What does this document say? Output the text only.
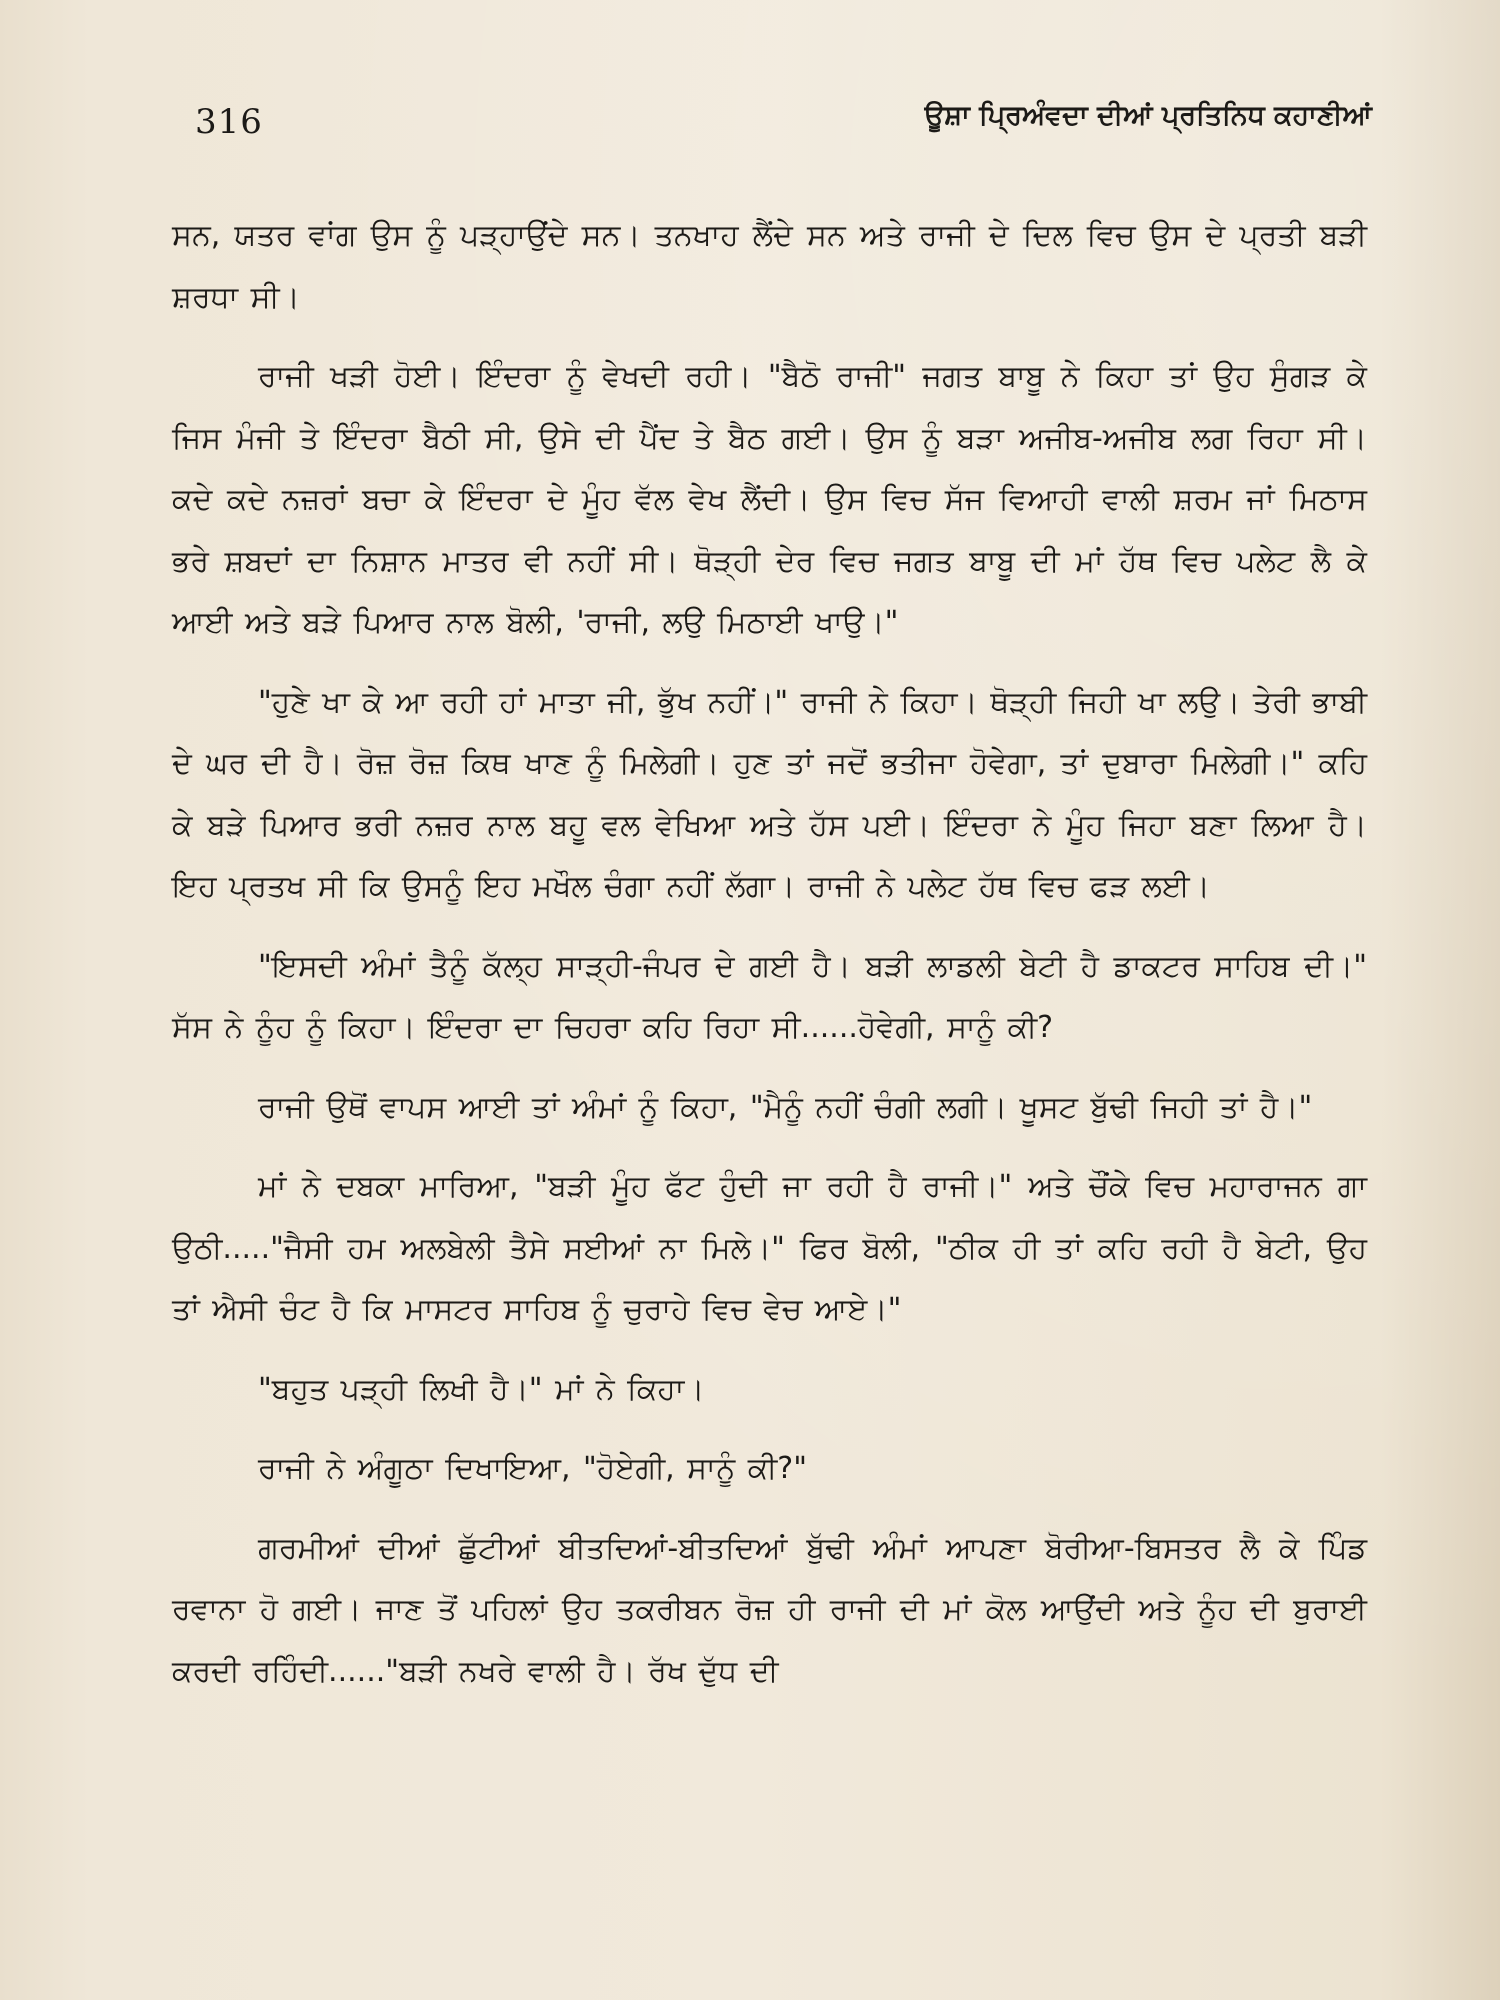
316	ਊਸ਼ਾ ਪ੍ਰਿਅੰਵਦਾ ਦੀਆਂ ਪ੍ਰਤਿਨਿਧ ਕਹਾਣੀਆਂ

ਸਨ, ਯਤਰ ਵਾਂਗ ਉਸ ਨੂੰ ਪੜ੍ਹਾਉਂਦੇ ਸਨ। ਤਨਖਾਹ ਲੈਂਦੇ ਸਨ ਅਤੇ ਰਾਜੀ ਦੇ ਦਿਲ ਵਿਚ ਉਸ ਦੇ ਪ੍ਰਤੀ ਬੜੀ ਸ਼ਰਧਾ ਸੀ।

ਰਾਜੀ ਖੜੀ ਹੋਈ। ਇੰਦਰਾ ਨੂੰ ਵੇਖਦੀ ਰਹੀ। "ਬੈਠੋ ਰਾਜੀ" ਜਗਤ ਬਾਬੂ ਨੇ ਕਿਹਾ ਤਾਂ ਉਹ ਸੁੰਗੜ ਕੇ ਜਿਸ ਮੰਜੀ ਤੇ ਇੰਦਰਾ ਬੈਠੀ ਸੀ, ਉਸੇ ਦੀ ਪੈਂਦ ਤੇ ਬੈਠ ਗਈ। ਉਸ ਨੂੰ ਬੜਾ ਅਜੀਬ-ਅਜੀਬ ਲਗ ਰਿਹਾ ਸੀ। ਕਦੇ ਕਦੇ ਨਜ਼ਰਾਂ ਬਚਾ ਕੇ ਇੰਦਰਾ ਦੇ ਮੂੰਹ ਵੱਲ ਵੇਖ ਲੈਂਦੀ। ਉਸ ਵਿਚ ਸੱਜ ਵਿਆਹੀ ਵਾਲੀ ਸ਼ਰਮ ਜਾਂ ਮਿਠਾਸ ਭਰੇ ਸ਼ਬਦਾਂ ਦਾ ਨਿਸ਼ਾਨ ਮਾਤਰ ਵੀ ਨਹੀਂ ਸੀ। ਥੋੜ੍ਹੀ ਦੇਰ ਵਿਚ ਜਗਤ ਬਾਬੂ ਦੀ ਮਾਂ ਹੱਥ ਵਿਚ ਪਲੇਟ ਲੈ ਕੇ ਆਈ ਅਤੇ ਬੜੇ ਪਿਆਰ ਨਾਲ ਬੋਲੀ, 'ਰਾਜੀ, ਲਉ ਮਿਠਾਈ ਖਾਉ।"

"ਹੁਣੇ ਖਾ ਕੇ ਆ ਰਹੀ ਹਾਂ ਮਾਤਾ ਜੀ, ਭੁੱਖ ਨਹੀਂ।" ਰਾਜੀ ਨੇ ਕਿਹਾ। ਥੋੜ੍ਹੀ ਜਿਹੀ ਖਾ ਲਉ। ਤੇਰੀ ਭਾਬੀ ਦੇ ਘਰ ਦੀ ਹੈ। ਰੋਜ਼ ਰੋਜ਼ ਕਿਥ ਖਾਣ ਨੂੰ ਮਿਲੇਗੀ। ਹੁਣ ਤਾਂ ਜਦੋਂ ਭਤੀਜਾ ਹੋਵੇਗਾ, ਤਾਂ ਦੁਬਾਰਾ ਮਿਲੇਗੀ।" ਕਹਿ ਕੇ ਬੜੇ ਪਿਆਰ ਭਰੀ ਨਜ਼ਰ ਨਾਲ ਬਹੂ ਵਲ ਵੇਖਿਆ ਅਤੇ ਹੱਸ ਪਈ। ਇੰਦਰਾ ਨੇ ਮੂੰਹ ਜਿਹਾ ਬਣਾ ਲਿਆ ਹੈ। ਇਹ ਪ੍ਰਤਖ ਸੀ ਕਿ ਉਸਨੂੰ ਇਹ ਮਖੌਲ ਚੰਗਾ ਨਹੀਂ ਲੱਗਾ। ਰਾਜੀ ਨੇ ਪਲੇਟ ਹੱਥ ਵਿਚ ਫੜ ਲਈ।

"ਇਸਦੀ ਅੰਮਾਂ ਤੈਨੂੰ ਕੱਲ੍ਹ ਸਾੜ੍ਹੀ-ਜੰਪਰ ਦੇ ਗਈ ਹੈ। ਬੜੀ ਲਾਡਲੀ ਬੇਟੀ ਹੈ ਡਾਕਟਰ ਸਾਹਿਬ ਦੀ।" ਸੱਸ ਨੇ ਨੂੰਹ ਨੂੰ ਕਿਹਾ। ਇੰਦਰਾ ਦਾ ਚਿਹਰਾ ਕਹਿ ਰਿਹਾ ਸੀ......ਹੋਵੇਗੀ, ਸਾਨੂੰ ਕੀ?

ਰਾਜੀ ਉਥੋਂ ਵਾਪਸ ਆਈ ਤਾਂ ਅੰਮਾਂ ਨੂੰ ਕਿਹਾ, "ਮੈਨੂੰ ਨਹੀਂ ਚੰਗੀ ਲਗੀ। ਖੂਸਟ ਬੁੱਢੀ ਜਿਹੀ ਤਾਂ ਹੈ।"

ਮਾਂ ਨੇ ਦਬਕਾ ਮਾਰਿਆ, "ਬੜੀ ਮੂੰਹ ਫੱਟ ਹੁੰਦੀ ਜਾ ਰਹੀ ਹੈ ਰਾਜੀ।" ਅਤੇ ਚੌਂਕੇ ਵਿਚ ਮਹਾਰਾਜਨ ਗਾ ਉਠੀ....."ਜੈਸੀ ਹਮ ਅਲਬੇਲੀ ਤੈਸੇ ਸਈਆਂ ਨਾ ਮਿਲੇ।" ਫਿਰ ਬੋਲੀ, "ਠੀਕ ਹੀ ਤਾਂ ਕਹਿ ਰਹੀ ਹੈ ਬੇਟੀ, ਉਹ ਤਾਂ ਐਸੀ ਚੰਟ ਹੈ ਕਿ ਮਾਸਟਰ ਸਾਹਿਬ ਨੂੰ ਚੁਰਾਹੇ ਵਿਚ ਵੇਚ ਆਏ।"

"ਬਹੁਤ ਪੜ੍ਹੀ ਲਿਖੀ ਹੈ।" ਮਾਂ ਨੇ ਕਿਹਾ।

ਰਾਜੀ ਨੇ ਅੰਗੂਠਾ ਦਿਖਾਇਆ, "ਹੋਏਗੀ, ਸਾਨੂੰ ਕੀ?"

ਗਰਮੀਆਂ ਦੀਆਂ ਛੁੱਟੀਆਂ ਬੀਤਦਿਆਂ-ਬੀਤਦਿਆਂ ਬੁੱਢੀ ਅੰਮਾਂ ਆਪਣਾ ਬੋਰੀਆ-ਬਿਸਤਰ ਲੈ ਕੇ ਪਿੰਡ ਰਵਾਨਾ ਹੋ ਗਈ। ਜਾਣ ਤੋਂ ਪਹਿਲਾਂ ਉਹ ਤਕਰੀਬਨ ਰੋਜ਼ ਹੀ ਰਾਜੀ ਦੀ ਮਾਂ ਕੋਲ ਆਉਂਦੀ ਅਤੇ ਨੂੰਹ ਦੀ ਬੁਰਾਈ ਕਰਦੀ ਰਹਿੰਦੀ......"ਬੜੀ ਨਖਰੇ ਵਾਲੀ ਹੈ। ਰੱਖ ਦੁੱਧ ਦੀ
